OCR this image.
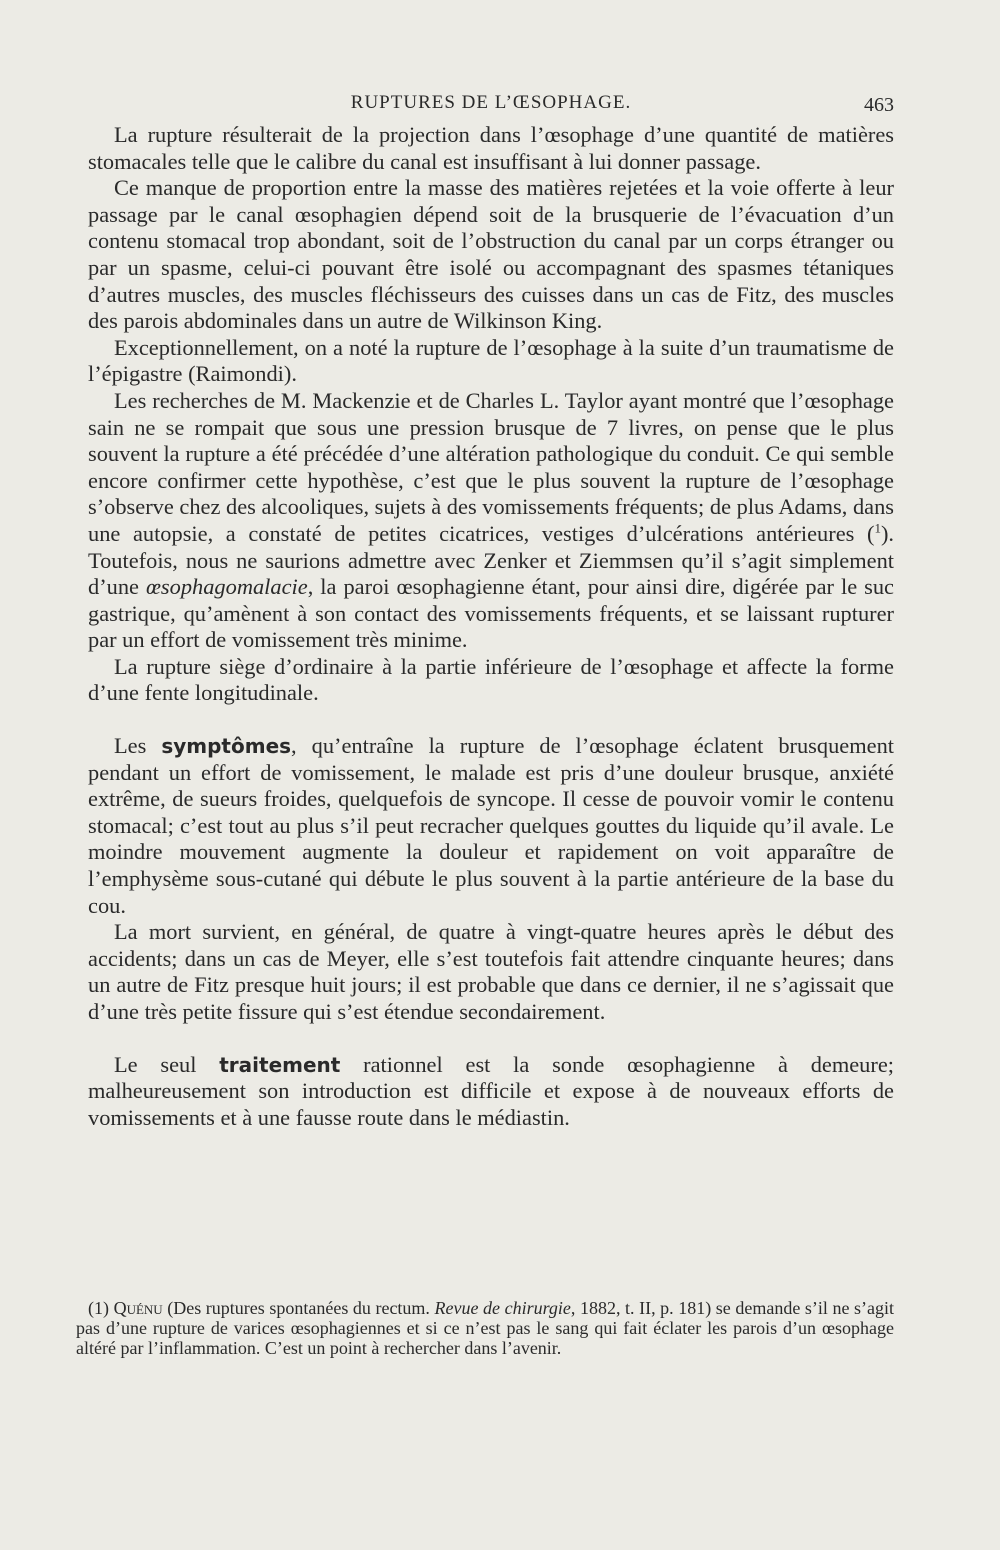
RUPTURES DE L’ŒSOPHAGE.	463

La rupture résulterait de la projection dans l’œsophage d’une quantité de matières stomacales telle que le calibre du canal est insuffisant à lui donner passage.

Ce manque de proportion entre la masse des matières rejetées et la voie offerte à leur passage par le canal œsophagien dépend soit de la brusquerie de l’évacuation d’un contenu stomacal trop abondant, soit de l’obstruction du canal par un corps étranger ou par un spasme, celui-ci pouvant être isolé ou accompagnant des spasmes tétaniques d’autres muscles, des muscles fléchisseurs des cuisses dans un cas de Fitz, des muscles des parois abdominales dans un autre de Wilkinson King.

Exceptionnellement, on a noté la rupture de l’œsophage à la suite d’un traumatisme de l’épigastre (Raimondi).

Les recherches de M. Mackenzie et de Charles L. Taylor ayant montré que l’œsophage sain ne se rompait que sous une pression brusque de 7 livres, on pense que le plus souvent la rupture a été précédée d’une altération pathologique du conduit. Ce qui semble encore confirmer cette hypothèse, c’est que le plus souvent la rupture de l’œsophage s’observe chez des alcooliques, sujets à des vomissements fréquents; de plus Adams, dans une autopsie, a constaté de petites cicatrices, vestiges d’ulcérations antérieures ($^1$). Toutefois, nous ne saurions admettre avec Zenker et Ziemmsen qu’il s’agit simplement d’une œsophagomalacie, la paroi œsophagienne étant, pour ainsi dire, digérée par le suc gastrique, qu’amènent à son contact des vomissements fréquents, et se laissant rupturer par un effort de vomissement très minime.

La rupture siège d’ordinaire à la partie inférieure de l’œsophage et affecte la forme d’une fente longitudinale.

Les symptômes, qu’entraîne la rupture de l’œsophage éclatent brusquement pendant un effort de vomissement, le malade est pris d’une douleur brusque, anxiété extrême, de sueurs froides, quelquefois de syncope. Il cesse de pouvoir vomir le contenu stomacal; c’est tout au plus s’il peut recracher quelques gouttes du liquide qu’il avale. Le moindre mouvement augmente la douleur et rapidement on voit apparaître de l’emphysème sous-cutané qui débute le plus souvent à la partie antérieure de la base du cou.

La mort survient, en général, de quatre à vingt-quatre heures après le début des accidents; dans un cas de Meyer, elle s’est toutefois fait attendre cinquante heures; dans un autre de Fitz presque huit jours; il est probable que dans ce dernier, il ne s’agissait que d’une très petite fissure qui s’est étendue secondairement.

Le seul traitement rationnel est la sonde œsophagienne à demeure; malheureusement son introduction est difficile et expose à de nouveaux efforts de vomissements et à une fausse route dans le médiastin.

(1) Quénu (Des ruptures spontanées du rectum. Revue de chirurgie, 1882, t. II, p. 181) se demande s’il ne s’agit pas d’une rupture de varices œsophagiennes et si ce n’est pas le sang qui fait éclater les parois d’un œsophage altéré par l’inflammation. C’est un point à rechercher dans l’avenir.
